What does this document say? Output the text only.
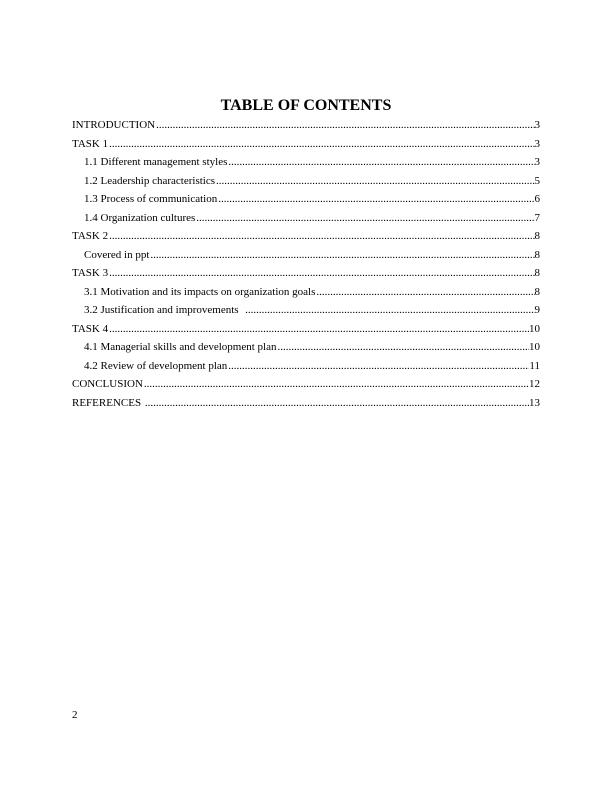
TABLE OF CONTENTS
INTRODUCTION .....	3
TASK 1 .....	3
1.1 Different management styles .....	3
1.2 Leadership characteristics .....	5
1.3 Process of communication .....	6
1.4 Organization cultures .....	7
TASK 2 .....	8
Covered in ppt .....	8
TASK 3 .....	8
3.1 Motivation and its impacts on organization goals .....	8
3.2 Justification and improvements .....	9
TASK 4 .....	10
4.1 Managerial skills and development plan .....	10
4.2 Review of development plan .....	11
CONCLUSION .....	12
REFERENCES .....	13
2
